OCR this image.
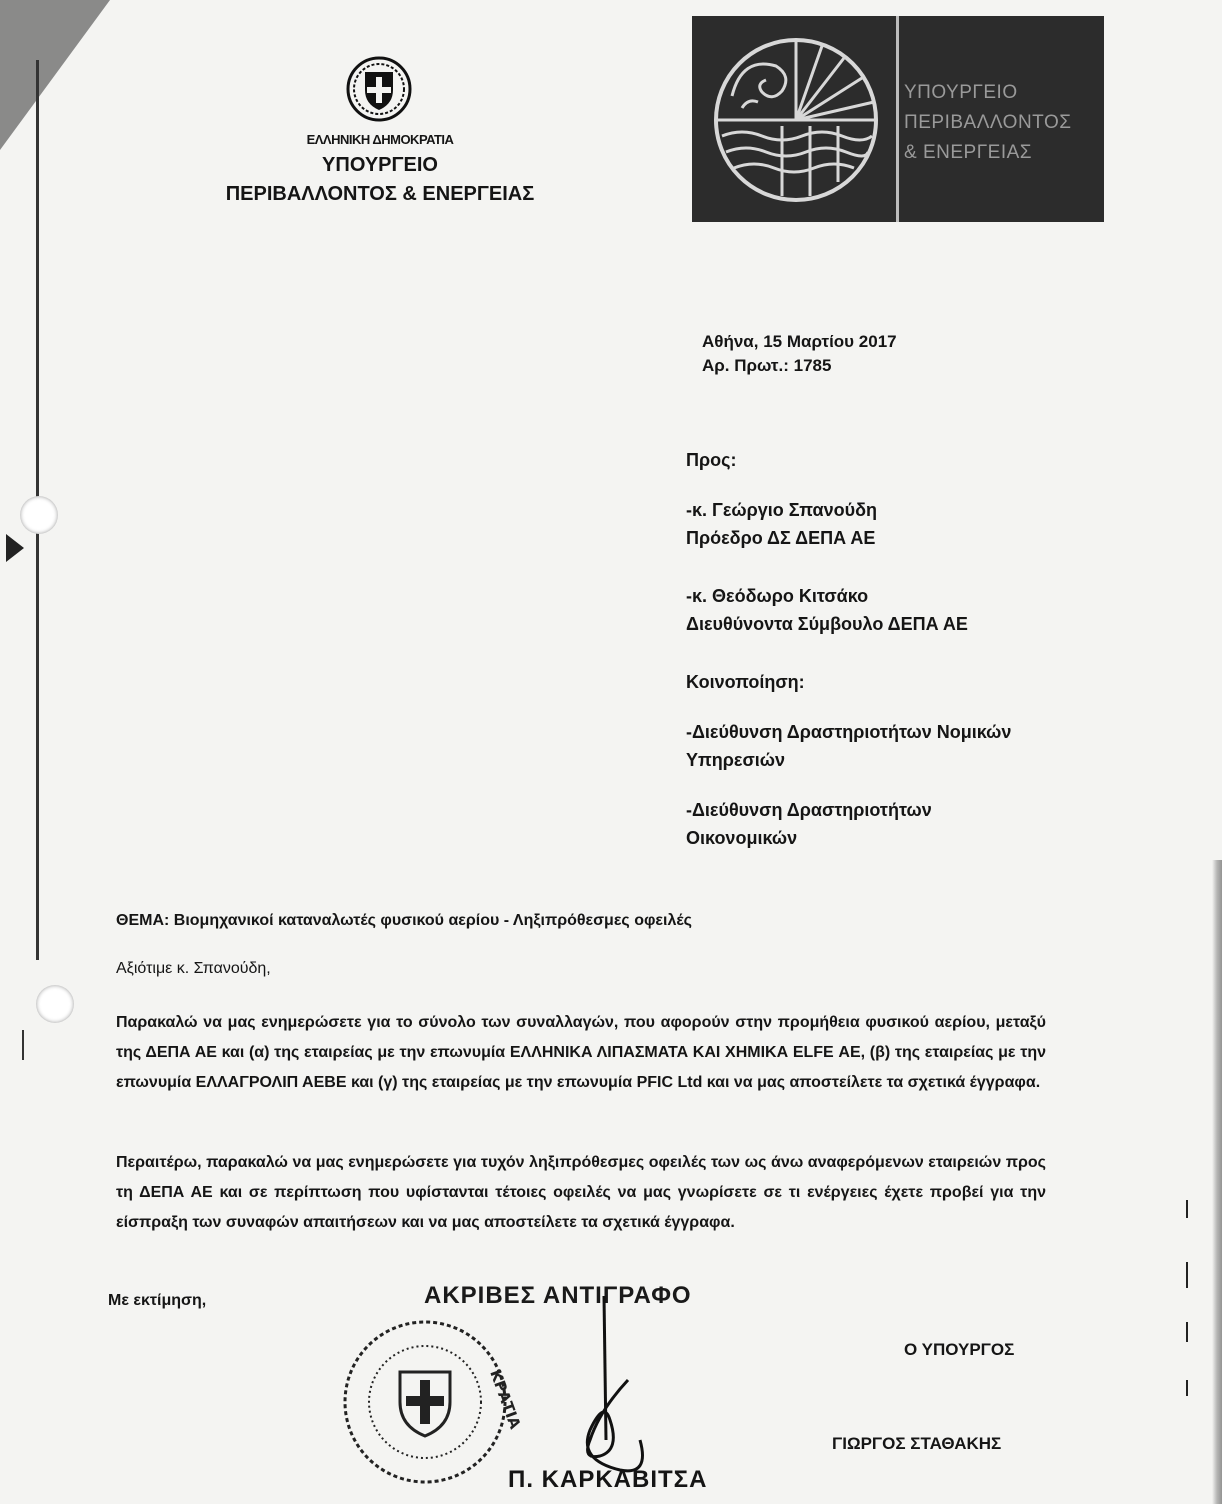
ΕΛΛΗΝΙΚΗ ΔΗΜΟΚΡΑΤΙΑ
ΥΠΟΥΡΓΕΙΟ
ΠΕΡΙΒΑΛΛΟΝΤΟΣ & ΕΝΕΡΓΕΙΑΣ
ΥΠΟΥΡΓΕΙΟ
ΠΕΡΙΒΑΛΛΟΝΤΟΣ
& ΕΝΕΡΓΕΙΑΣ
Αθήνα, 15 Μαρτίου 2017
Αρ. Πρωτ.: 1785
Προς:
-κ. Γεώργιο Σπανούδη
Πρόεδρο ΔΣ ΔΕΠΑ ΑΕ
-κ. Θεόδωρο Κιτσάκο
Διευθύνοντα Σύμβουλο ΔΕΠΑ ΑΕ
Κοινοποίηση:
-Διεύθυνση Δραστηριοτήτων Νομικών
Υπηρεσιών
-Διεύθυνση Δραστηριοτήτων
Οικονομικών
ΘΕΜΑ: Βιομηχανικοί καταναλωτές φυσικού αερίου - Ληξιπρόθεσμες οφειλές
Αξιότιμε κ. Σπανούδη,
Παρακαλώ να μας ενημερώσετε για το σύνολο των συναλλαγών, που αφορούν στην προμήθεια φυσικού αερίου, μεταξύ της ΔΕΠΑ ΑΕ και (α) της εταιρείας με την επωνυμία ΕΛΛΗΝΙΚΑ ΛΙΠΑΣΜΑΤΑ ΚΑΙ ΧΗΜΙΚΑ ELFE ΑΕ, (β) της εταιρείας με την επωνυμία ΕΛΛΑΓΡΟΛΙΠ ΑΕΒΕ και (γ) της εταιρείας με την επωνυμία PFIC Ltd και να μας αποστείλετε τα σχετικά έγγραφα.
Περαιτέρω, παρακαλώ να μας ενημερώσετε για τυχόν ληξιπρόθεσμες οφειλές των ως άνω αναφερόμενων εταιρειών προς τη ΔΕΠΑ ΑΕ και σε περίπτωση που υφίστανται τέτοιες οφειλές να μας γνωρίσετε σε τι ενέργειες έχετε προβεί για την είσπραξη των συναφών απαιτήσεων και να μας αποστείλετε τα σχετικά έγγραφα.
Με εκτίμηση,	ΑΚΡΙΒΕΣ ΑΝΤΙΓΡΑΦΟ
Ο ΥΠΟΥΡΓΟΣ
ΓΙΩΡΓΟΣ ΣΤΑΘΑΚΗΣ
ΚΡΑΤΙΑ
Π. ΚΑΡΚΑΒΙΤΣΑ
